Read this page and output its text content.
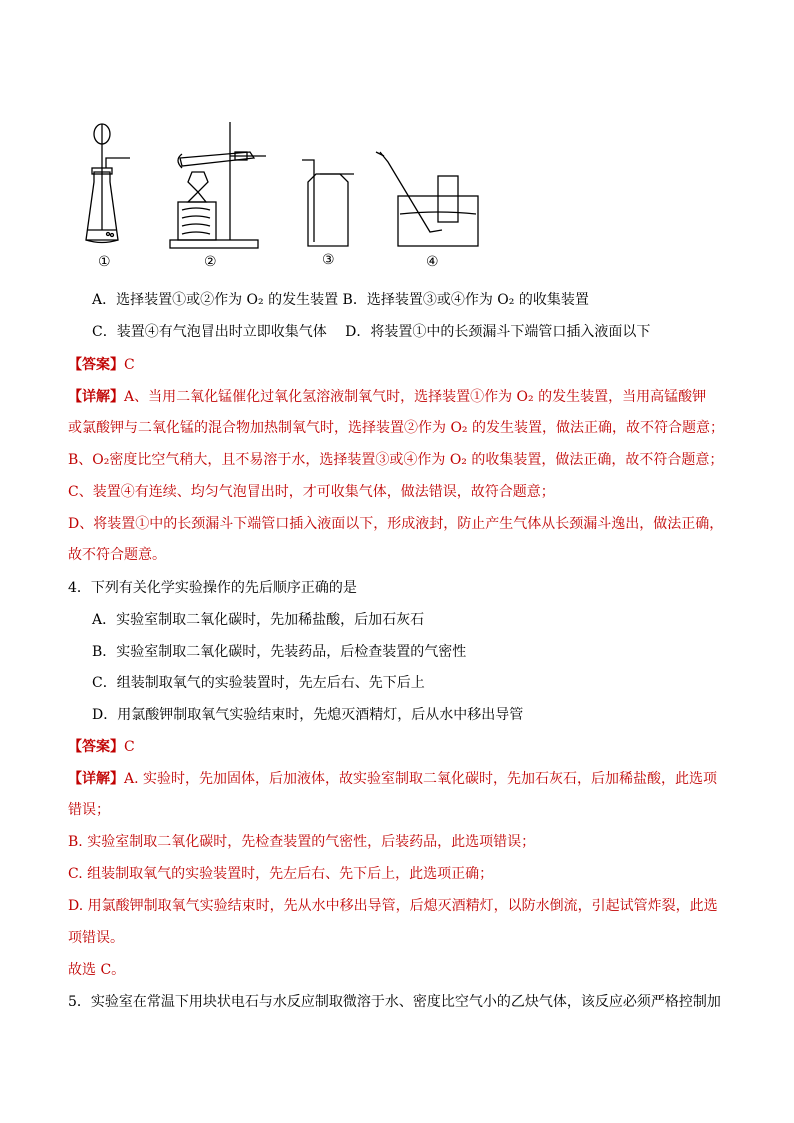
①	②	③	④
A．选择装置①或②作为 O₂ 的发生装置 B．选择装置③或④作为 O₂ 的收集装置
C．装置④有气泡冒出时立即收集气体　 D．将装置①中的长颈漏斗下端管口插入液面以下
【答案】C
【详解】A、当用二氧化锰催化过氧化氢溶液制氧气时，选择装置①作为 O₂ 的发生装置，当用高锰酸钾
或氯酸钾与二氧化锰的混合物加热制氧气时，选择装置②作为 O₂ 的发生装置，做法正确，故不符合题意；
B、O₂密度比空气稍大，且不易溶于水，选择装置③或④作为 O₂ 的收集装置，做法正确，故不符合题意；
C、装置④有连续、均匀气泡冒出时，才可收集气体，做法错误，故符合题意；
D、将装置①中的长颈漏斗下端管口插入液面以下，形成液封，防止产生气体从长颈漏斗逸出，做法正确，
故不符合题意。
4．下列有关化学实验操作的先后顺序正确的是
A．实验室制取二氧化碳时，先加稀盐酸，后加石灰石
B．实验室制取二氧化碳时，先装药品，后检查装置的气密性
C．组装制取氧气的实验装置时，先左后右、先下后上
D．用氯酸钾制取氧气实验结束时，先熄灭酒精灯，后从水中移出导管
【答案】C
【详解】A. 实验时，先加固体，后加液体，故实验室制取二氧化碳时，先加石灰石，后加稀盐酸，此选项
错误；
B. 实验室制取二氧化碳时，先检查装置的气密性，后装药品，此选项错误；
C. 组装制取氧气的实验装置时，先左后右、先下后上，此选项正确；
D. 用氯酸钾制取氧气实验结束时，先从水中移出导管，后熄灭酒精灯，以防水倒流，引起试管炸裂，此选
项错误。
故选 C。
5．实验室在常温下用块状电石与水反应制取微溶于水、密度比空气小的乙炔气体，该反应必须严格控制加
